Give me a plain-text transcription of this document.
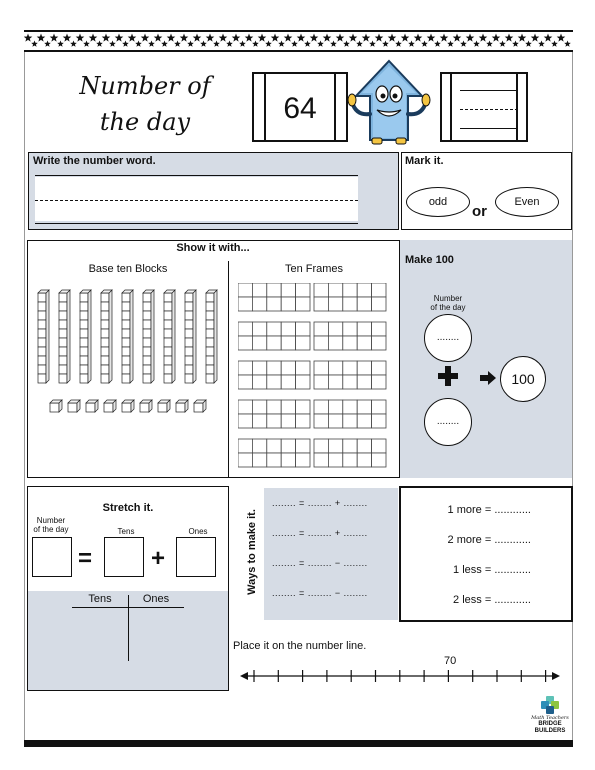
Number of
the day	64
Write the number word.	Mark it.
odd
or
Even
Show it with...
Base ten Blocks	Ten Frames
Make 100
Number
of the day
........
........
100
Stretch it.
Number
of the day	Tens	Ones
= +
Tens	Ones
Ways to make it.
........ = ........ + ........
........ = ........ + ........
........ = ........ − ........
........ = ........ − ........
1 more = ............
2 more = ............
1 less = ............
2 less = ............
Place it on the number line.
70
Math Teachers
BRIDGE
BUILDERS
